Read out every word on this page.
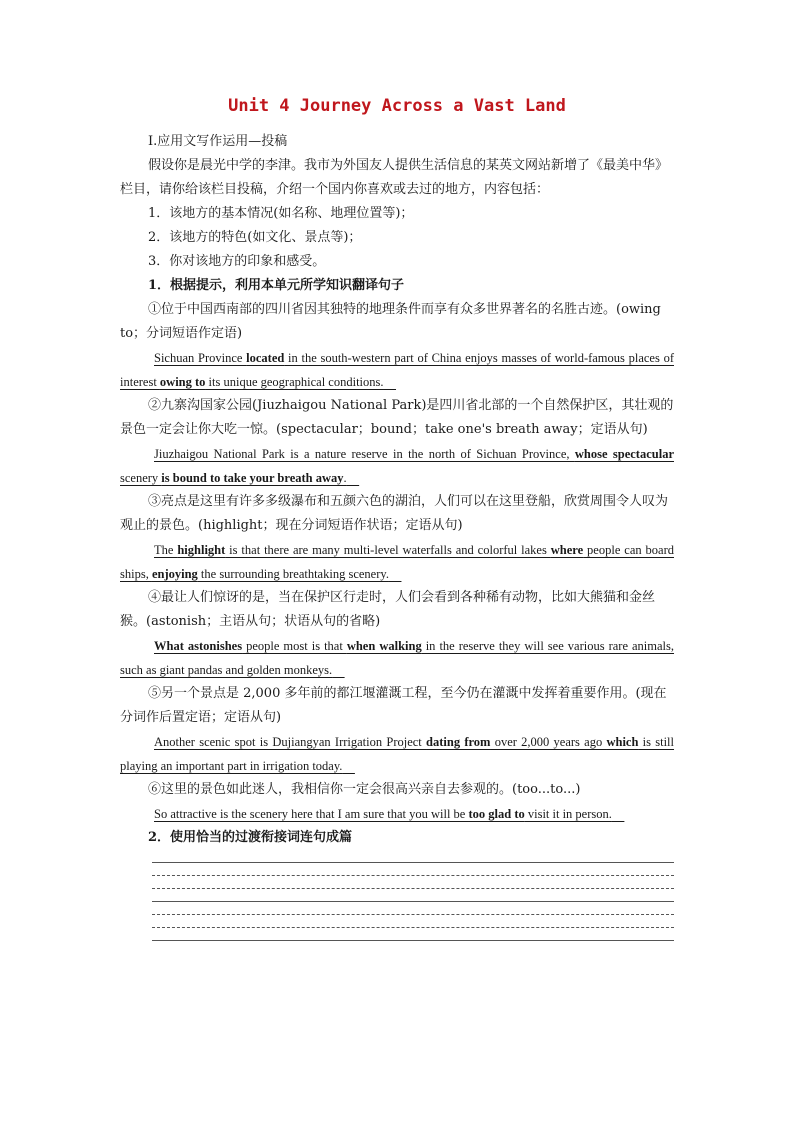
Unit 4 Journey Across a Vast Land

Ⅰ.应用文写作运用—投稿

假设你是晨光中学的李津。我市为外国友人提供生活信息的某英文网站新增了《最美中华》栏目，请你给该栏目投稿，介绍一个国内你喜欢或去过的地方，内容包括：

1．该地方的基本情况(如名称、地理位置等)；

2．该地方的特色(如文化、景点等)；

3．你对该地方的印象和感受。

1．根据提示，利用本单元所学知识翻译句子

①位于中国西南部的四川省因其独特的地理条件而享有众多世界著名的名胜古迹。(owing to；分词短语作定语)

Sichuan Province located in the south-western part of China enjoys masses of world-famous places of interest owing to its unique geographical conditions.

②九寨沟国家公园(Jiuzhaigou National Park)是四川省北部的一个自然保护区，其壮观的景色一定会让你大吃一惊。(spectacular；bound；take one's breath away；定语从句)

Jiuzhaigou National Park is a nature reserve in the north of Sichuan Province, whose spectacular scenery is bound to take your breath away.

③亮点是这里有许多多级瀑布和五颜六色的湖泊，人们可以在这里登船，欣赏周围令人叹为观止的景色。(highlight；现在分词短语作状语；定语从句)

The highlight is that there are many multi-level waterfalls and colorful lakes where people can board ships, enjoying the surrounding breathtaking scenery.

④最让人们惊讶的是，当在保护区行走时，人们会看到各种稀有动物，比如大熊猫和金丝猴。(astonish；主语从句；状语从句的省略)

What astonishes people most is that when walking in the reserve they will see various rare animals, such as giant pandas and golden monkeys.

⑤另一个景点是 2,000 多年前的都江堰灌溉工程，至今仍在灌溉中发挥着重要作用。(现在分词作后置定语；定语从句)

Another scenic spot is Dujiangyan Irrigation Project dating from over 2,000 years ago which is still playing an important part in irrigation today.

⑥这里的景色如此迷人，我相信你一定会很高兴亲自去参观的。(too...to...)

So attractive is the scenery here that I am sure that you will be too glad to visit it in person.

2．使用恰当的过渡衔接词连句成篇
